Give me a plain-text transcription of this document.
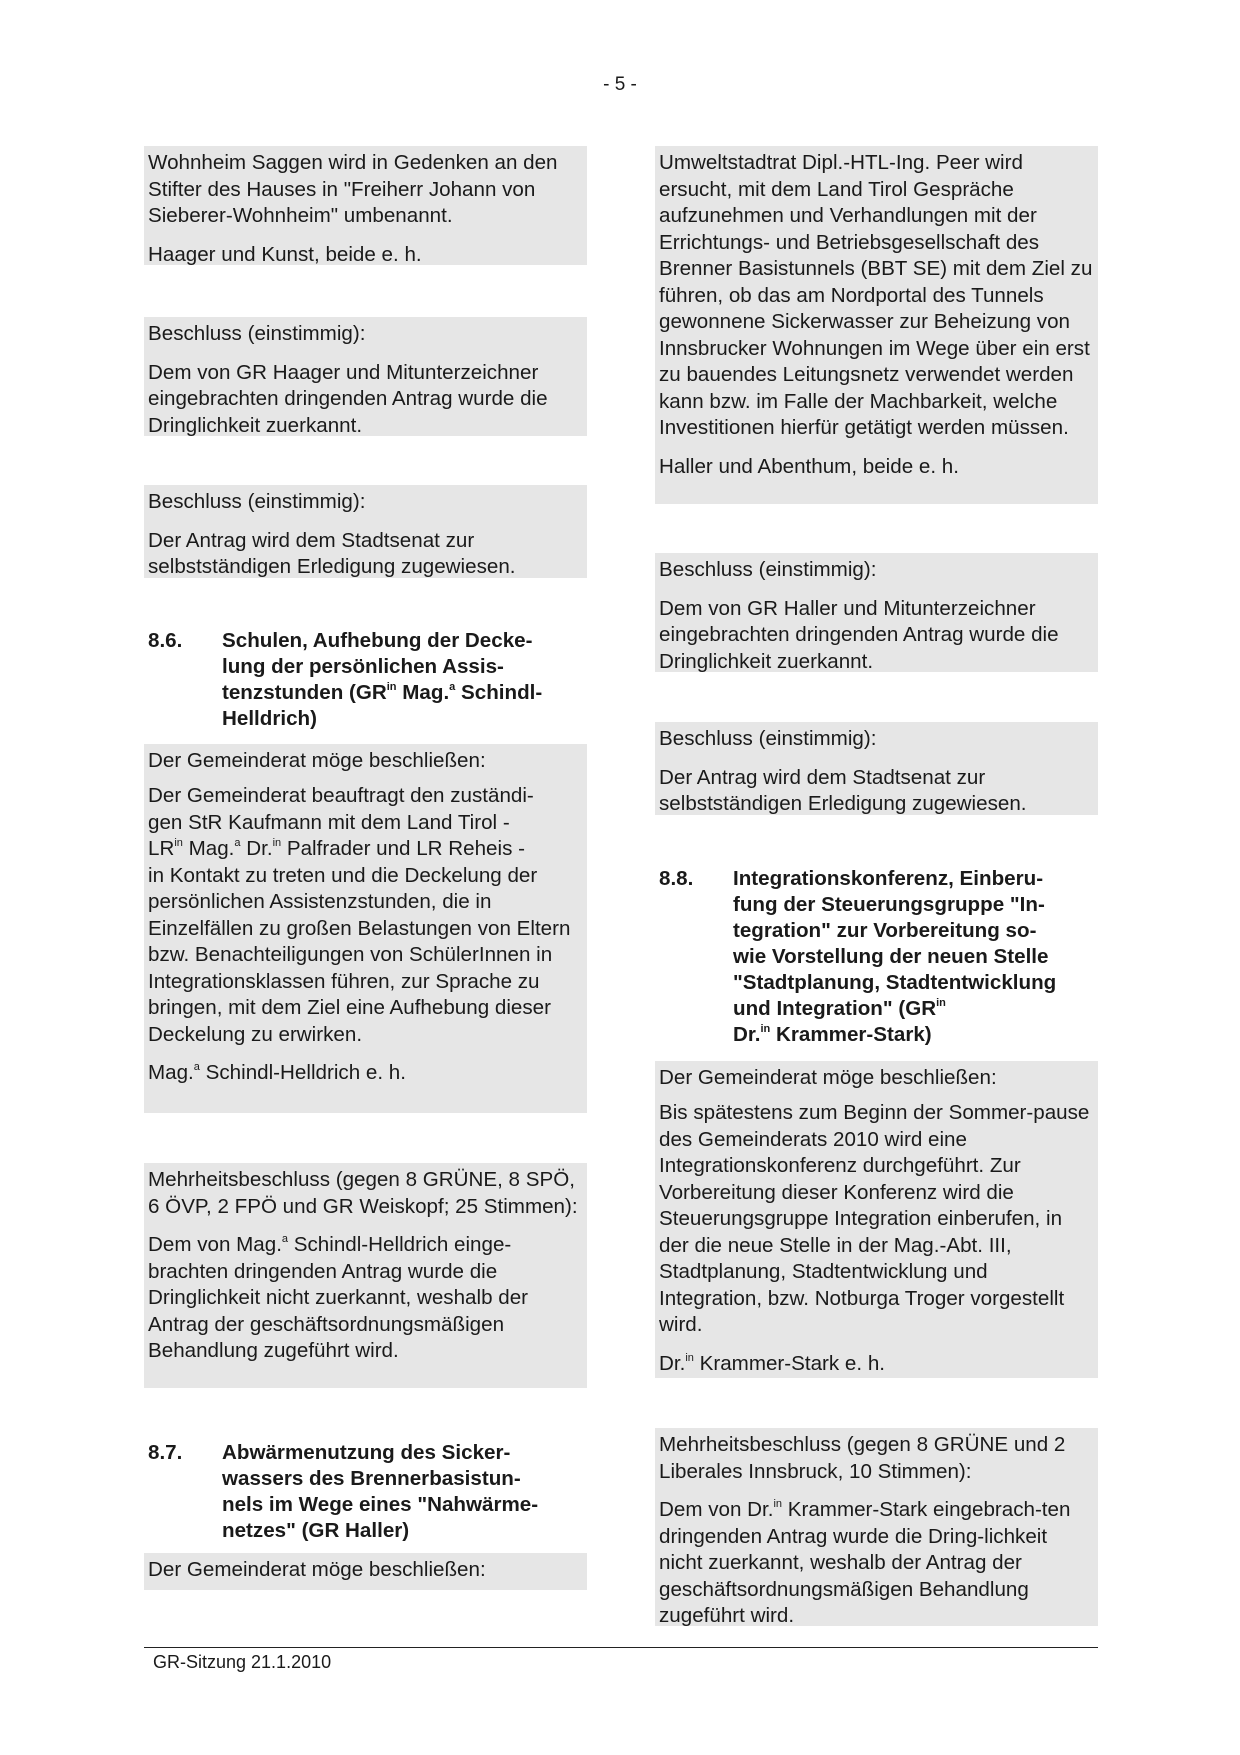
- 5 -

Wohnheim Saggen wird in Gedenken an den Stifter des Hauses in "Freiherr Johann von Sieberer-Wohnheim" umbenannt.

Haager und Kunst, beide e. h.

Beschluss (einstimmig):

Dem von GR Haager und Mitunterzeichner eingebrachten dringenden Antrag wurde die Dringlichkeit zuerkannt.

Beschluss (einstimmig):

Der Antrag wird dem Stadtsenat zur selbstständigen Erledigung zugewiesen.

8.6. Schulen, Aufhebung der Decke-
lung der persönlichen Assis-
tenzstunden ($GR^{in}$ Mag.$^a$ Schindl-
Helldrich)

Der Gemeinderat möge beschließen:

Der Gemeinderat beauftragt den zuständi-
gen StR Kaufmann mit dem Land Tirol -
$LR^{in}$ Mag.$^a$ Dr.$^{in}$ Palfrader und LR Reheis -
in Kontakt zu treten und die Deckelung der persönlichen Assistenzstunden, die in Einzelfällen zu großen Belastungen von Eltern bzw. Benachteiligungen von SchülerInnen in Integrationsklassen führen, zur Sprache zu bringen, mit dem Ziel eine Aufhebung dieser Deckelung zu erwirken.

Mag.$^a$ Schindl-Helldrich e. h.

Mehrheitsbeschluss (gegen 8 GRÜNE, 8 SPÖ, 6 ÖVP, 2 FPÖ und GR Weiskopf; 25 Stimmen):

Dem von Mag.$^a$ Schindl-Helldrich einge-brachten dringenden Antrag wurde die Dringlichkeit nicht zuerkannt, weshalb der Antrag der geschäftsordnungsmäßigen Behandlung zugeführt wird.

8.7. Abwärmenutzung des Sicker-
wassers des Brennerbasistun-
nels im Wege eines "Nahwärme-
netzes" (GR Haller)

Der Gemeinderat möge beschließen:

Umweltstadtrat Dipl.-HTL-Ing. Peer wird ersucht, mit dem Land Tirol Gespräche aufzunehmen und Verhandlungen mit der Errichtungs- und Betriebsgesellschaft des Brenner Basistunnels (BBT SE) mit dem Ziel zu führen, ob das am Nordportal des Tunnels gewonnene Sickerwasser zur Beheizung von Innsbrucker Wohnungen im Wege über ein erst zu bauendes Leitungsnetz verwendet werden kann bzw. im Falle der Machbarkeit, welche Investitionen hierfür getätigt werden müssen.

Haller und Abenthum, beide e. h.

Beschluss (einstimmig):

Dem von GR Haller und Mitunterzeichner eingebrachten dringenden Antrag wurde die Dringlichkeit zuerkannt.

Beschluss (einstimmig):

Der Antrag wird dem Stadtsenat zur selbstständigen Erledigung zugewiesen.

8.8. Integrationskonferenz, Einberu-
fung der Steuerungsgruppe "In-
tegration" zur Vorbereitung so-
wie Vorstellung der neuen Stelle
"Stadtplanung, Stadtentwicklung
und Integration" ($GR^{in}$
Dr.$^{in}$ Krammer-Stark)

Der Gemeinderat möge beschließen:

Bis spätestens zum Beginn der Sommer-pause des Gemeinderats 2010 wird eine Integrationskonferenz durchgeführt. Zur Vorbereitung dieser Konferenz wird die Steuerungsgruppe Integration einberufen, in der die neue Stelle in der Mag.-Abt. III, Stadtplanung, Stadtentwicklung und Integration, bzw. Notburga Troger vorgestellt wird.

Dr.$^{in}$ Krammer-Stark e. h.

Mehrheitsbeschluss (gegen 8 GRÜNE und 2 Liberales Innsbruck, 10 Stimmen):

Dem von Dr.$^{in}$ Krammer-Stark eingebrach-ten dringenden Antrag wurde die Dring-lichkeit nicht zuerkannt, weshalb der Antrag der geschäftsordnungsmäßigen Behandlung zugeführt wird.

GR-Sitzung 21.1.2010
